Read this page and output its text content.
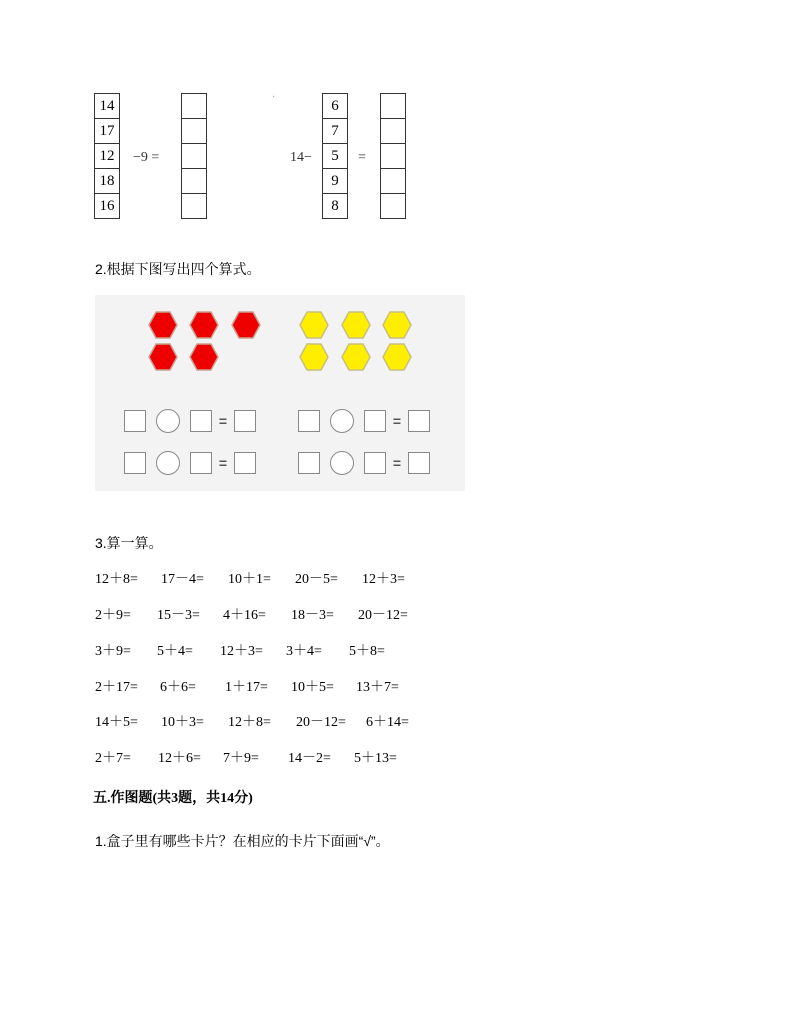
14
17
12
18
16
−9 =
·
14−
6
7
5
9
8
=
2.根据下图写出四个算式。
=	=
=	=
3.算一算。

12＋8=

17－4=

10＋1=

20－5=

12＋3=

2＋9=

15－3=

4＋16=

18－3=

20－12=

3＋9=

5＋4=

12＋3=

3＋4=

5＋8=

2＋17=

6＋6=

1＋17=

10＋5=

13＋7=

14＋5=

10＋3=

12＋8=

20－12=

6＋14=

2＋7=

12＋6=

7＋9=

14－2=

5＋13=

五.作图题(共3题，共14分)
1.盒子里有哪些卡片？在相应的卡片下面画“√”。
